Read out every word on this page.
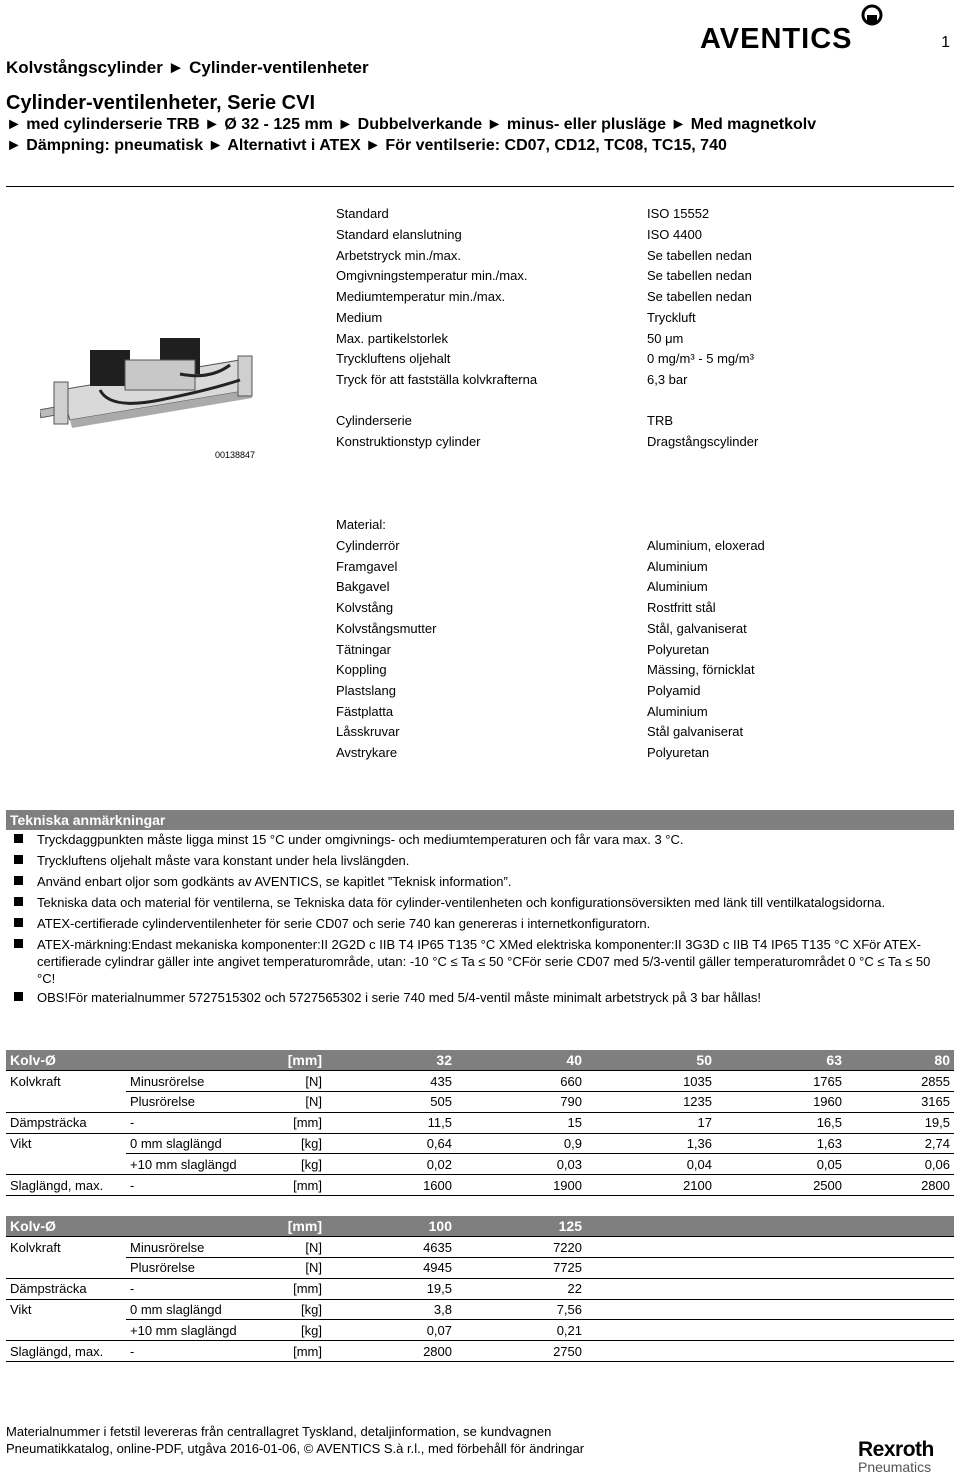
Kolvstångscylinder ► Cylinder-ventilenheter
1
AVENTICS
Cylinder-ventilenheter, Serie CVI
► med cylinderserie TRB ► Ø 32 - 125 mm ► Dubbelverkande ► minus- eller plusläge ► Med magnetkolv
► Dämpning: pneumatisk ► Alternativt i ATEX ► För ventilserie: CD07, CD12, TC08, TC15, 740
00138847
Standard	ISO 15552
Standard elanslutning	ISO 4400
Arbetstryck min./max.	Se tabellen nedan
Omgivningstemperatur min./max.	Se tabellen nedan
Mediumtemperatur min./max.	Se tabellen nedan
Medium	Tryckluft
Max. partikelstorlek	50 μm
Tryckluftens oljehalt	0 mg/m³ - 5 mg/m³
Tryck för att fastställa kolvkrafterna	6,3 bar
Cylinderserie	TRB
Konstruktionstyp cylinder	Dragstångscylinder
Material:
Cylinderrör	Aluminium, eloxerad
Framgavel	Aluminium
Bakgavel	Aluminium
Kolvstång	Rostfritt stål
Kolvstångsmutter	Stål, galvaniserat
Tätningar	Polyuretan
Koppling	Mässing, förnicklat
Plastslang	Polyamid
Fästplatta	Aluminium
Låsskruvar	Stål galvaniserat
Avstrykare	Polyuretan
Tekniska anmärkningar
Tryckdaggpunkten måste ligga minst 15 °C under omgivnings- och mediumtemperaturen och får vara max. 3 °C.
Tryckluftens oljehalt måste vara konstant under hela livslängden.
Använd enbart oljor som godkänts av AVENTICS, se kapitlet ”Teknisk information”.
Tekniska data och material för ventilerna, se Tekniska data för cylinder-ventilenheten och konfigurationsöversikten med länk till ventilkatalogsidorna.
ATEX-certifierade cylinderventilenheter för serie CD07 och serie 740 kan genereras i internetkonfiguratorn.
ATEX-märkning:Endast mekaniska komponenter:II 2G2D c IIB T4 IP65 T135 °C XMed elektriska komponenter:II 3G3D c IIB T4 IP65 T135 °C XFör ATEX-certifierade cylindrar gäller inte angivet temperaturområde, utan: -10 °C ≤ Ta ≤ 50 °CFör serie CD07 med 5/3-ventil gäller temperaturområdet 0 °C ≤ Ta ≤ 50 °C!
OBS!För materialnummer 5727515302 och 5727565302 i serie 740 med 5/4-ventil måste minimalt arbetstryck på 3 bar hållas!
Kolv-Ø		[mm]	32	40	50	63	80
Kolvkraft	Minusrörelse	[N]	435	660	1035	1765	2855
	Plusrörelse	[N]	505	790	1235	1960	3165
Dämpsträcka	-	[mm]	11,5	15	17	16,5	19,5
Vikt	0 mm slaglängd	[kg]	0,64	0,9	1,36	1,63	2,74
	+10 mm slaglängd	[kg]	0,02	0,03	0,04	0,05	0,06
Slaglängd, max.	-	[mm]	1600	1900	2100	2500	2800
Kolv-Ø		[mm]	100	125			
Kolvkraft	Minusrörelse	[N]	4635	7220			
	Plusrörelse	[N]	4945	7725			
Dämpsträcka	-	[mm]	19,5	22			
Vikt	0 mm slaglängd	[kg]	3,8	7,56			
	+10 mm slaglängd	[kg]	0,07	0,21			
Slaglängd, max.	-	[mm]	2800	2750			
Materialnummer i fetstil levereras från centrallagret Tyskland, detaljinformation, se kundvagnen
Pneumatikkatalog, online-PDF, utgåva 2016-01-06, © AVENTICS S.à r.l., med förbehåll för ändringar	Rexroth
Pneumatics
